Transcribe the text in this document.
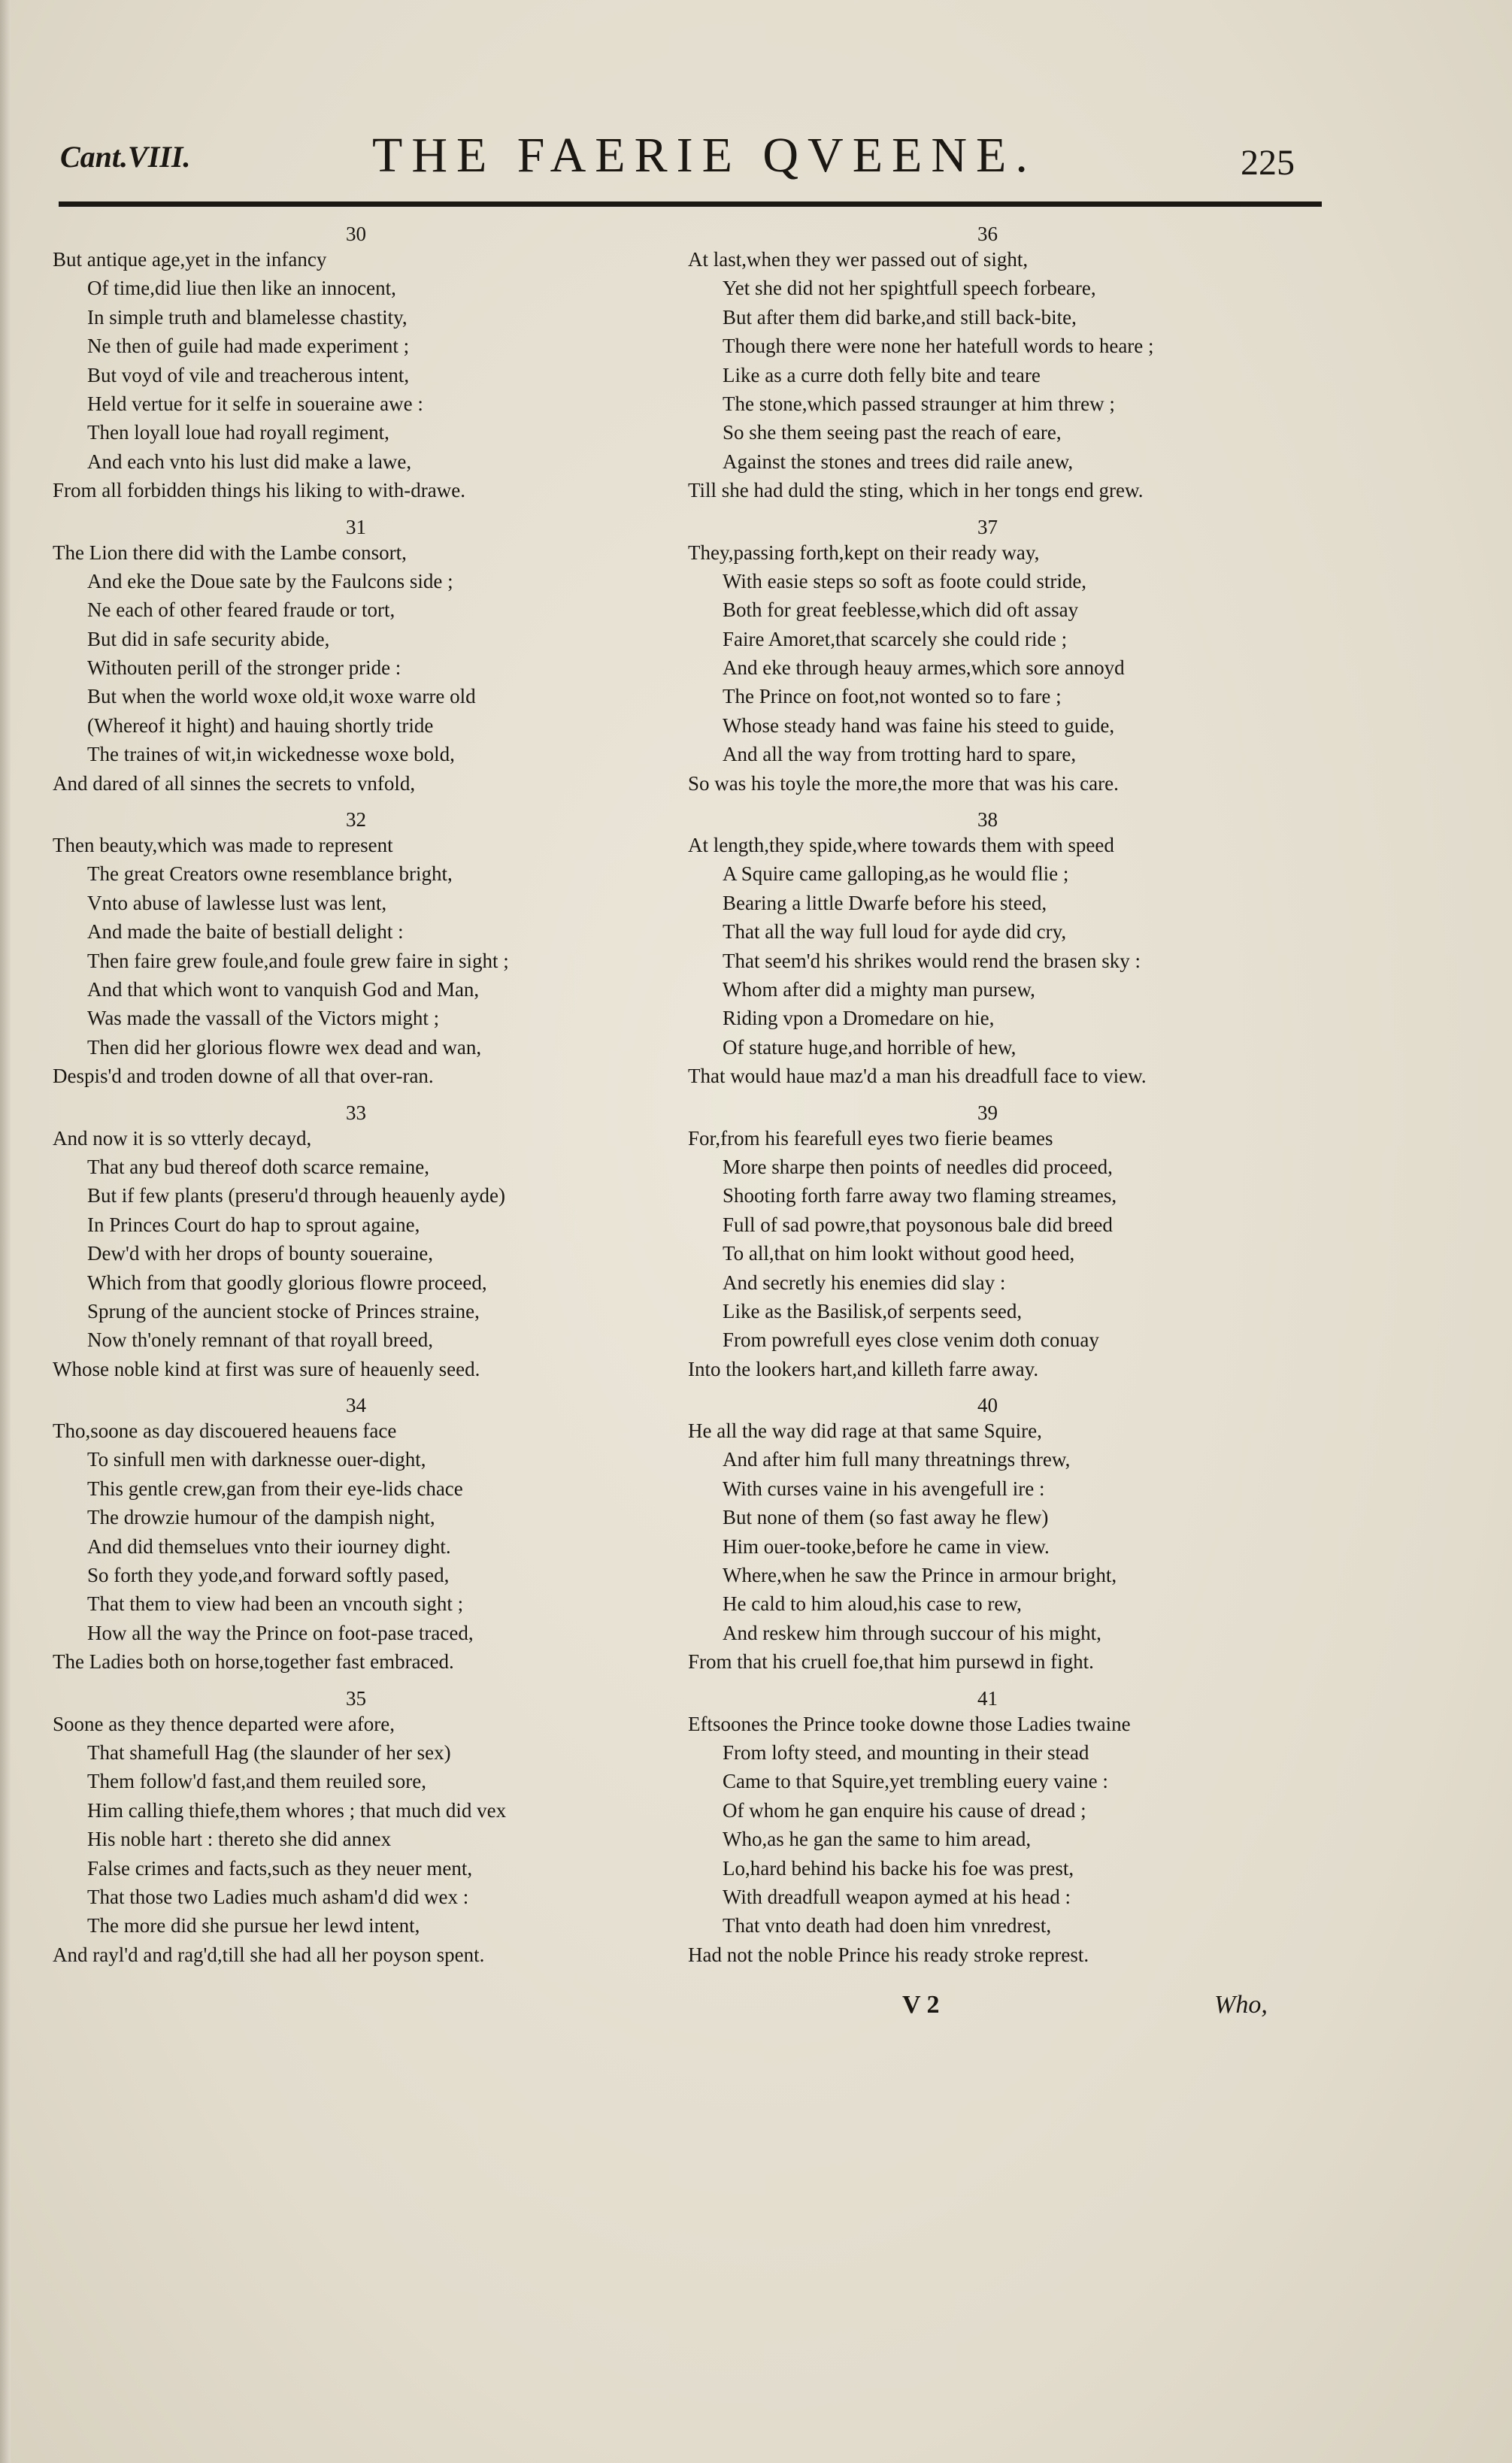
Cant.VIII.	THE FAERIE QVEENE.	225
30
But antique age,yet in the infancy
Of time,did liue then like an innocent,
In simple truth and blamelesse chastity,
Ne then of guile had made experiment ;
But voyd of vile and treacherous intent,
Held vertue for it selfe in soueraine awe :
Then loyall loue had royall regiment,
And each vnto his lust did make a lawe,
From all forbidden things his liking to with-drawe.
31
The Lion there did with the Lambe consort,
And eke the Doue sate by the Faulcons side ;
Ne each of other feared fraude or tort,
But did in safe security abide,
Withouten perill of the stronger pride :
But when the world woxe old,it woxe warre old
(Whereof it hight) and hauing shortly tride
The traines of wit,in wickednesse woxe bold,
And dared of all sinnes the secrets to vnfold,
32
Then beauty,which was made to represent
The great Creators owne resemblance bright,
Vnto abuse of lawlesse lust was lent,
And made the baite of bestiall delight :
Then faire grew foule,and foule grew faire in sight ;
And that which wont to vanquish God and Man,
Was made the vassall of the Victors might ;
Then did her glorious flowre wex dead and wan,
Despis'd and troden downe of all that over-ran.
33
And now it is so vtterly decayd,
That any bud thereof doth scarce remaine,
But if few plants (preseru'd through heauenly ayde)
In Princes Court do hap to sprout againe,
Dew'd with her drops of bounty soueraine,
Which from that goodly glorious flowre proceed,
Sprung of the auncient stocke of Princes straine,
Now th'onely remnant of that royall breed,
Whose noble kind at first was sure of heauenly seed.
34
Tho,soone as day discouered heauens face
To sinfull men with darknesse ouer-dight,
This gentle crew,gan from their eye-lids chace
The drowzie humour of the dampish night,
And did themselues vnto their iourney dight.
So forth they yode,and forward softly pased,
That them to view had been an vncouth sight ;
How all the way the Prince on foot-pase traced,
The Ladies both on horse,together fast embraced.
35
Soone as they thence departed were afore,
That shamefull Hag (the slaunder of her sex)
Them follow'd fast,and them reuiled sore,
Him calling thiefe,them whores ; that much did vex
His noble hart : thereto she did annex
False crimes and facts,such as they neuer ment,
That those two Ladies much asham'd did wex :
The more did she pursue her lewd intent,
And rayl'd and rag'd,till she had all her poyson spent.
36
At last,when they wer passed out of sight,
Yet she did not her spightfull speech forbeare,
But after them did barke,and still back-bite,
Though there were none her hatefull words to heare ;
Like as a curre doth felly bite and teare
The stone,which passed straunger at him threw ;
So she them seeing past the reach of eare,
Against the stones and trees did raile anew,
Till she had duld the sting, which in her tongs end grew.
37
They,passing forth,kept on their ready way,
With easie steps so soft as foote could stride,
Both for great feeblesse,which did oft assay
Faire Amoret,that scarcely she could ride ;
And eke through heauy armes,which sore annoyd
The Prince on foot,not wonted so to fare ;
Whose steady hand was faine his steed to guide,
And all the way from trotting hard to spare,
So was his toyle the more,the more that was his care.
38
At length,they spide,where towards them with speed
A Squire came galloping,as he would flie ;
Bearing a little Dwarfe before his steed,
That all the way full loud for ayde did cry,
That seem'd his shrikes would rend the brasen sky :
Whom after did a mighty man pursew,
Riding vpon a Dromedare on hie,
Of stature huge,and horrible of hew,
That would haue maz'd a man his dreadfull face to view.
39
For,from his fearefull eyes two fierie beames
More sharpe then points of needles did proceed,
Shooting forth farre away two flaming streames,
Full of sad powre,that poysonous bale did breed
To all,that on him lookt without good heed,
And secretly his enemies did slay :
Like as the Basilisk,of serpents seed,
From powrefull eyes close venim doth conuay
Into the lookers hart,and killeth farre away.
40
He all the way did rage at that same Squire,
And after him full many threatnings threw,
With curses vaine in his avengefull ire :
But none of them (so fast away he flew)
Him ouer-tooke,before he came in view.
Where,when he saw the Prince in armour bright,
He cald to him aloud,his case to rew,
And reskew him through succour of his might,
From that his cruell foe,that him pursewd in fight.
41
Eftsoones the Prince tooke downe those Ladies twaine
From lofty steed, and mounting in their stead
Came to that Squire,yet trembling euery vaine :
Of whom he gan enquire his cause of dread ;
Who,as he gan the same to him aread,
Lo,hard behind his backe his foe was prest,
With dreadfull weapon aymed at his head :
That vnto death had doen him vnredrest,
Had not the noble Prince his ready stroke represt.
V 2	Who,
